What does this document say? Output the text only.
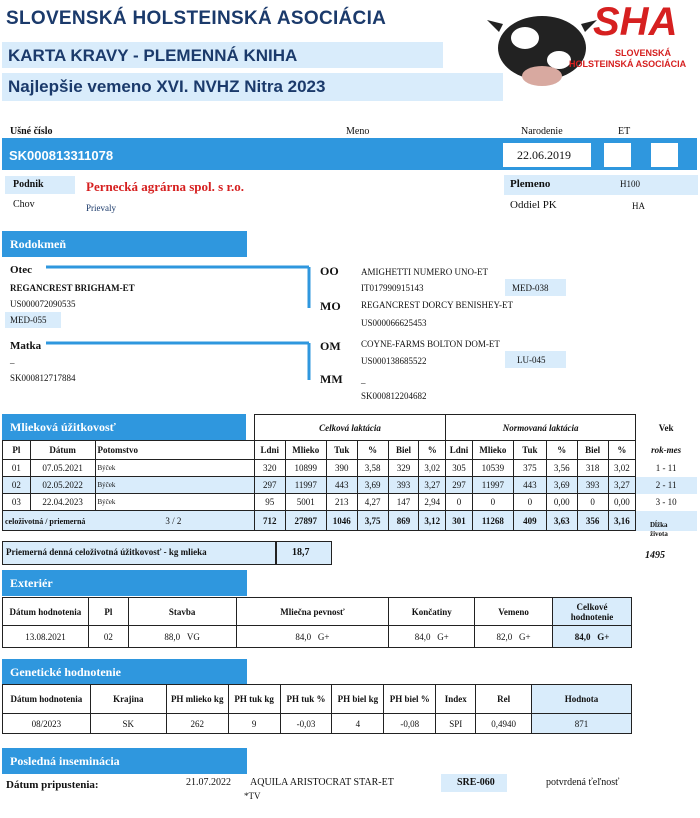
SLOVENSKÁ HOLSTEINSKÁ ASOCIÁCIA
KARTA KRAVY - PLEMENNÁ KNIHA
Najlepšie vemeno XVI. NVHZ Nitra 2023
SHA
SLOVENSKÁ
HOLSTEINSKÁ ASOCIÁCIA
Ušné číslo	Meno	Narodenie	ET
SK000813311078	22.06.2019
Podnik	Pernecká agrárna spol. s r.o.	Plemeno	H100
Chov	Prievaly	Oddiel PK	HA
Rodokmeň
Otec
REGANCREST BRIGHAM-ET
US000072090535
MED-055
Matka
_
SK000812717884
OO AMIGHETTI NUMERO UNO-ET
IT017990915143	MED-038
MO REGANCREST DORCY BENISHEY-ET
US000066625453
OM COYNE-FARMS BOLTON DOM-ET
US000138685522	LU-045
MM _
SK000812204682
Mlieková úžitkovosť
			Celková laktácia						Normovaná laktácia						Vek
Pl	Dátum	Potomstvo	Ldni	Mlieko	Tuk	%	Biel	%	Ldni	Mlieko	Tuk	%	Biel	%	rok-mes
01	07.05.2021	Býček	320	10899	390	3,58	329	3,02	305	10539	375	3,56	318	3,02	1 - 11
02	02.05.2022	Býček	297	11997	443	3,69	393	3,27	297	11997	443	3,69	393	3,27	2 - 11
03	22.04.2023	Býček	95	5001	213	4,27	147	2,94	0	0	0	0,00	0	0,00	3 - 10
celoživotná / priemerná 3 / 2			712	27897	1046	3,75	869	3,12	301	11268	409	3,63	356	3,16		Dĺžka
života
Priemerná denná celoživotná úžitkovosť - kg mlieka	18,7	1495
Exteriér
Dátum hodnotenia	Pl	Stavba	Mliečna pevnosť	Končatiny	Vemeno	Celkové hodnotenie
13.08.2021	02	88,0 VG	84,0 G+	84,0 G+	82,0 G+	84,0 G+
Genetické hodnotenie
Dátum hodnotenia	Krajina	PH mlieko kg	PH tuk kg	PH tuk %	PH biel kg	PH biel %	Index	Rel	Hodnota
08/2023	SK	262	9	-0,03	4	-0,08	SPI	0,4940	871
Posledná inseminácia
Dátum pripustenia:	21.07.2022 AQUILA ARISTOCRAT STAR-ET	SRE-060	potvrdená ťeľnosť
*TV
